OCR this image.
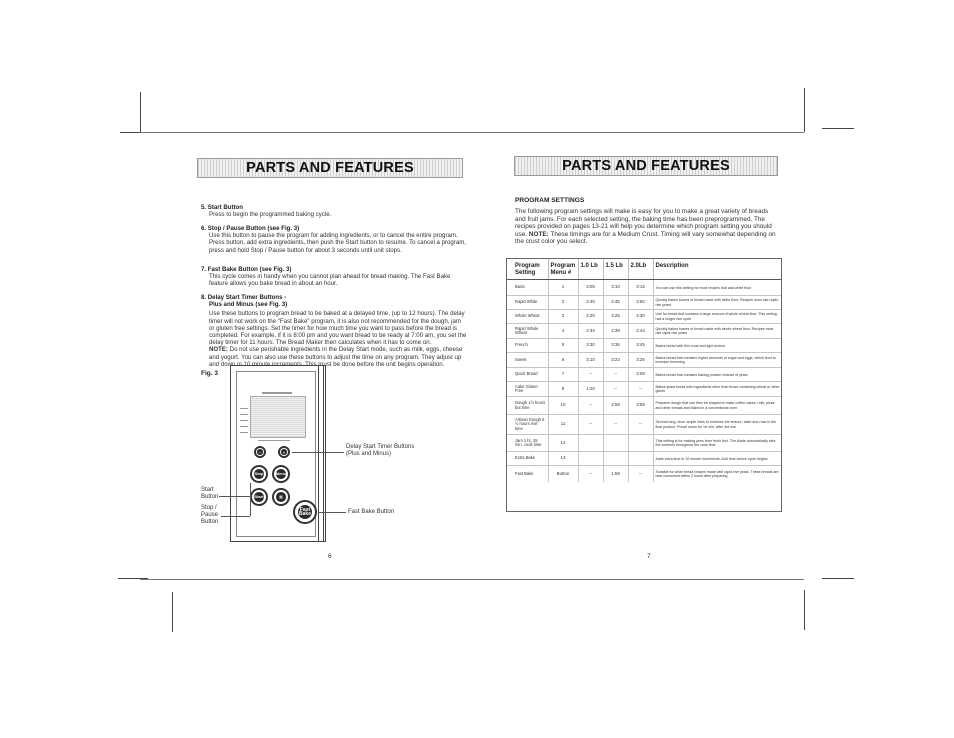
PARTS AND FEATURES
5. Start Button
Press to begin the programmed baking cycle.
6. Stop / Pause Button (see Fig. 3)
Use this button to pause the program for adding ingredients, or to cancel the entire program. Press button, add extra ingredients, then push the Start button to resume. To cancel a program, press and hold Stop / Pause button for about 3 seconds until unit stops.
7. Fast Bake Button (see Fig. 3)
This cycle comes in handy when you cannot plan ahead for bread making. The Fast Bake feature allows you bake bread in about an hour.
8. Delay Start Timer Buttons -
Plus and Minus (see Fig. 3)
Use these buttons to program bread to be baked at a delayed time, (up to 12 hours). The delay timer will not work on the "Fast Bake" program, it is also not recommended for the dough, jam or gluten free settings. Set the timer for how much time you want to pass before the bread is completed. For example, if it is 8:00 pm and you want bread to be ready at 7:00 am, you set the delay timer for 11 hours. The Bread Maker then calculates when it has to come on.
NOTE: Do not use perishable ingredients in the Delay Start mode, such as milk, eggs, cheese and yogurt. You can also use these buttons to adjust the time on any program. They adjust up and down in 10 minute increments. This must be done before the unit begins operation.
Fig. 3
−	+
Stop	Menu
Start	▦
Fast Bake
Delay Start Timer Buttons (Plus and Minus)
Fast Bake Button
Start Button
Stop / Pause Button
6
PARTS AND FEATURES
PROGRAM SETTINGS
The following program settings will make is easy for you to make a great variety of breads and fruit jams. For each selected setting, the baking time has been preprogrammed. The recipes provided on pages 13-21 will help you determine which program setting you should use. NOTE: These timings are for a Medium Crust. Timing will vary somewhat depending on the crust color you select.
Program Setting	Program Menu #	1.0 Lb	1.5 Lb	2.0Lb	Description
Basic	1	3:05	3:10	3:15	You can use this setting for most recipes that add white flour
Rapid White	2	2:40	2:45	2:50	Quickly bakes loaves of bread made with white flour. Recipes must use rapid-rise yeast.
Whole Wheat	3	4:20	4:25	4:30	Use for bread that contains a large amount of whole wheat flour. This setting has a longer rise cycle
Rapid Whole Wheat	4	2:34	2:39	2:44	Quickly bakes loaves of bread made with whole wheat flour. Recipes must use rapid-rise yeast
French	5	3:30	3:36	3:45	Bakes bread with thin crust and light texture
Sweet	6	3:10	3:22	3:25	Bakes bread that contains higher amounts of sugar and eggs, which tend to increase browning
Quick Bread	7	--	--	2:08	Bakes bread that contains baking powder instead of yeast
Cake Gluten Free	8	1:20	--	--	Bakes yeast bread with ingredients other than those containing wheat or other gluten
Dough 1½ hours but time	10	--	2:58	3:59	Prepares dough that can then be shaped to make coffee cakes, rolls, pizza and other breads and baked in a conventional oven
Artisan Dough 5 ½ hours rise time	11	--	--	--	Several long, slow, ample rises to enhance the texture, taste and rose in the final product. Punch down for 16 min. after 3rd rise
Jam 1 hr, 25 min. cook time	12				This setting is for making jams from fresh fruit. The blade automatically stirs the contents throughout the cook time
Extra Bake	13				Adds extra time in 10 minute increments. Add time before cycle begins
Fast Bake	Button	--	1:58	--	Suitable for white bread recipes made with rapid rise yeast. These breads are best consumed within 2 hours after preparing.
7
